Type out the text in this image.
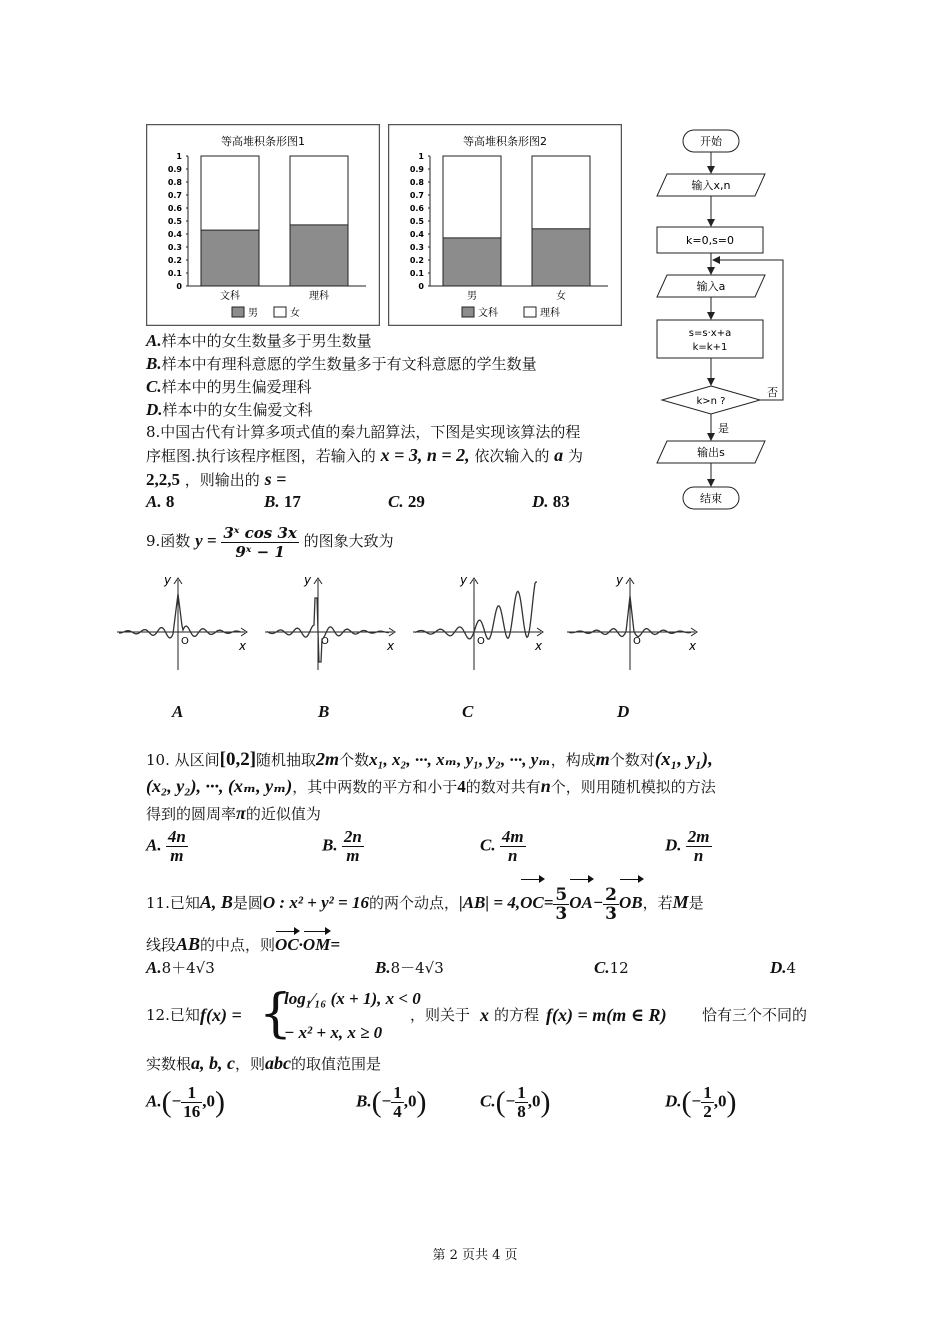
等高堆积条形图1
1
0.9
0.8
0.7
0.6
0.5
0.4
0.3
0.2
0.1
0
文科	理科
男	女
等高堆积条形图2
1
0.9
0.8
0.7
0.6
0.5
0.4
0.3
0.2
0.1
0
男	女
文科	理科
开始
输入x,n
k=0,s=0
输入a
s=s·x+a
k=k+1
k>n ?
否
是
输出s
结束
A.样本中的女生数量多于男生数量
B.样本中有理科意愿的学生数量多于有文科意愿的学生数量
C.样本中的男生偏爱理科
D.样本中的女生偏爱文科
8.中国古代有计算多项式值的秦九韶算法，下图是实现该算法的程
序框图.执行该程序框图，若输入的 x = 3, n = 2, 依次输入的 a 为
2,2,5 ，则输出的 s =
A. 8	B. 17	C. 29	D. 83
9.函数 $y = \frac{\text{3ˣ cos 3x}}{\text{9ˣ − 1}}$ 的图象大致为
x
y
O	x
y
O	x
y
O	x
y
O
A	B	C	D
10. 从区间[0,2]随机抽取2m个数x₁, x₂, ···, xₘ, y₁, y₂, ···, yₘ，构成m个数对(x₁, y₁),
(x₂, y₂), ···, (xₘ, yₘ)，其中两数的平方和小于4的数对共有n个，则用随机模拟的方法
得到的圆周率π的近似值为
A. $\frac{4n}{m}$	B. $\frac{2n}{m}$	C. $\frac{4m}{n}$	D. $\frac{2m}{n}$
11.已知A, B是圆O : x² + y² = 16的两个动点，$|AB| = 4,OC= \frac{5}{3} OA- \frac{2}{3}$ OB，若M是
线段AB的中点，则OC·OM=
A.8＋4√3	B.8－4√3	C.12	D.4
12.已知 f(x) = {
log₁⁄₁₆ (x + 1), x < 0
− x² + x, x ≥ 0
，则关于 x 的方程 f(x) = m(m ∈ R) 恰有三个不同的
实数根a, b, c，则abc的取值范围是
$A.(- \frac{1}{16} ,0)$	$B.(- \frac{1}{4} ,0)$	$C.(- \frac{1}{8} ,0)$	$D.(- \frac{1}{2} ,0)$
第 2 页共 4 页
